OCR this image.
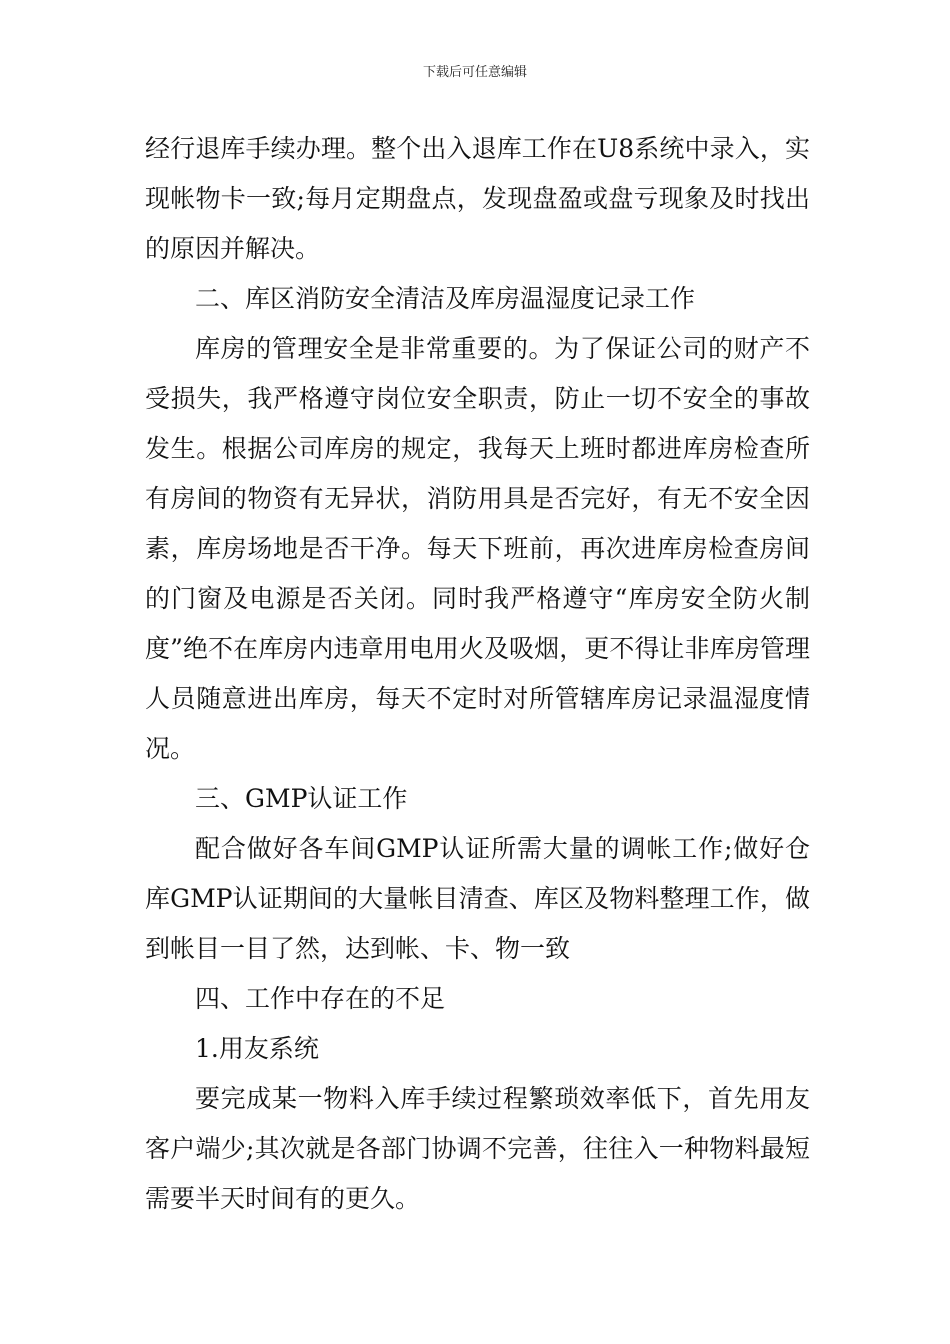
下载后可任意编辑

经行退库手续办理。整个出入退库工作在U8系统中录入，实现帐物卡一致;每月定期盘点，发现盘盈或盘亏现象及时找出的原因并解决。

二、库区消防安全清洁及库房温湿度记录工作

库房的管理安全是非常重要的。为了保证公司的财产不受损失，我严格遵守岗位安全职责，防止一切不安全的事故发生。根据公司库房的规定，我每天上班时都进库房检查所有房间的物资有无异状，消防用具是否完好，有无不安全因素，库房场地是否干净。每天下班前，再次进库房检查房间的门窗及电源是否关闭。同时我严格遵守“库房安全防火制度”绝不在库房内违章用电用火及吸烟，更不得让非库房管理人员随意进出库房，每天不定时对所管辖库房记录温湿度情况。

三、GMP认证工作

配合做好各车间GMP认证所需大量的调帐工作;做好仓库GMP认证期间的大量帐目清查、库区及物料整理工作，做到帐目一目了然，达到帐、卡、物一致

四、工作中存在的不足

1.用友系统

要完成某一物料入库手续过程繁琐效率低下，首先用友客户端少;其次就是各部门协调不完善，往往入一种物料最短需要半天时间有的更久。
